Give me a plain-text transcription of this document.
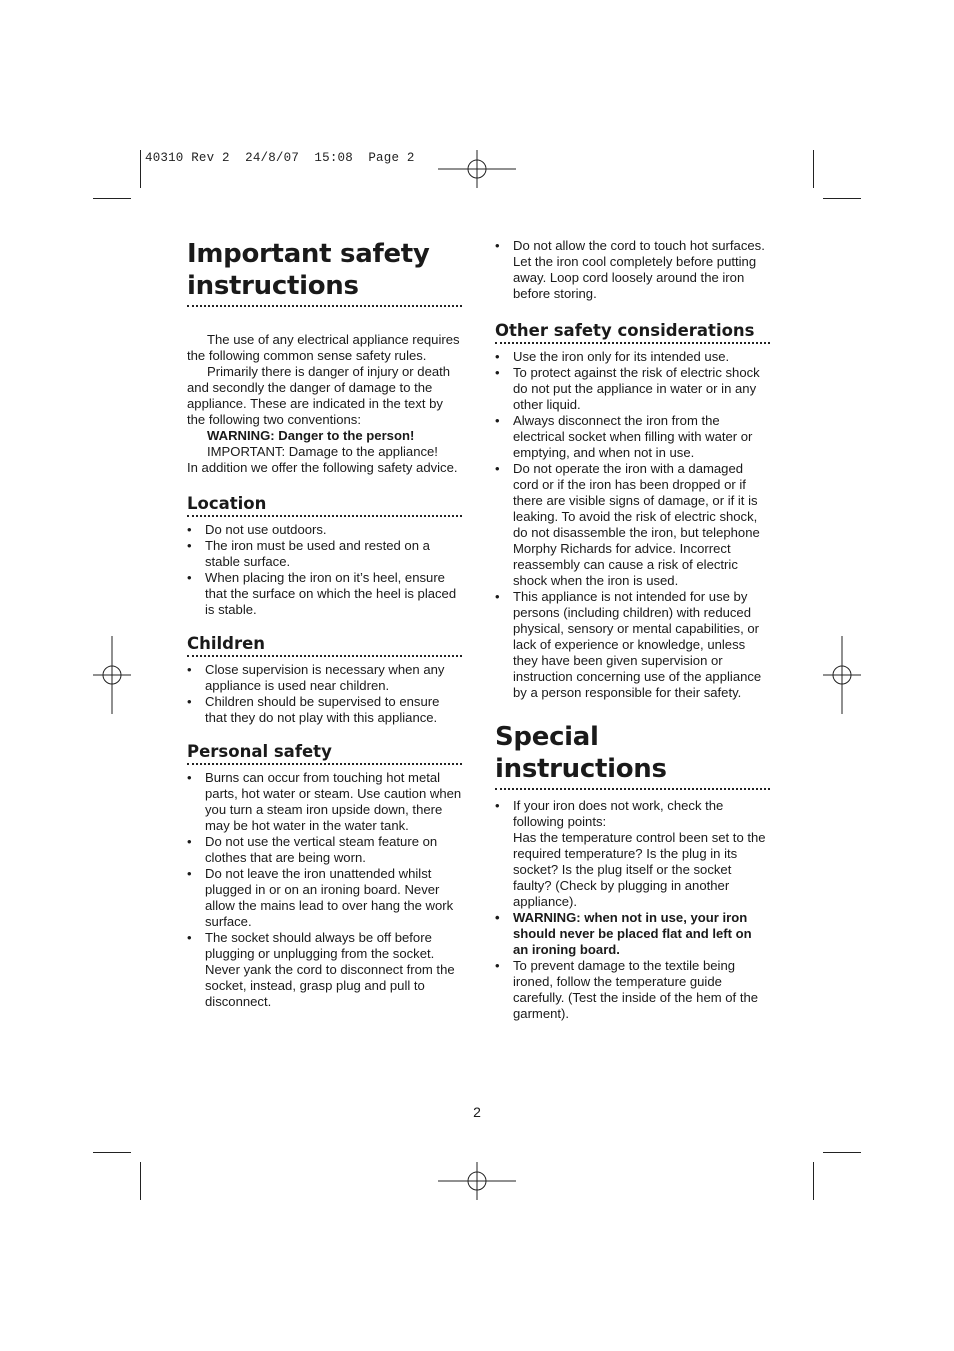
40310 Rev 2  24/8/07  15:08  Page 2
Important safety instructions

The use of any electrical appliance requires the following common sense safety rules.

Primarily there is danger of injury or death and secondly the danger of damage to the appliance. These are indicated in the text by the following two conventions:

WARNING: Danger to the person!

IMPORTANT: Damage to the appliance!

In addition we offer the following safety advice.

Location
• Do not use outdoors.
• The iron must be used and rested on a stable surface.
• When placing the iron on it’s heel, ensure that the surface on which the heel is placed is stable.
Children
• Close supervision is necessary when any appliance is used near children.
• Children should be supervised to ensure that they do not play with this appliance.
Personal safety
• Burns can occur from touching hot metal parts, hot water or steam. Use caution when you turn a steam iron upside down, there may be hot water in the water tank.
• Do not use the vertical steam feature on clothes that are being worn.
• Do not leave the iron unattended whilst plugged in or on an ironing board. Never allow the mains lead to over hang the work surface.
• The socket should always be off before plugging or unplugging from the socket. Never yank the cord to disconnect from the socket, instead, grasp plug and pull to disconnect.
• Do not allow the cord to touch hot surfaces. Let the iron cool completely before putting away. Loop cord loosely around the iron before storing.
Other safety considerations
• Use the iron only for its intended use.
• To protect against the risk of electric shock do not put the appliance in water or in any other liquid.
• Always disconnect the iron from the electrical socket when filling with water or emptying, and when not in use.
• Do not operate the iron with a damaged cord or if the iron has been dropped or if there are visible signs of damage, or if it is leaking. To avoid the risk of electric shock, do not disassemble the iron, but telephone Morphy Richards for advice. Incorrect reassembly can cause a risk of electric shock when the iron is used.
• This appliance is not intended for use by persons (including children) with reduced physical, sensory or mental capabilities, or lack of experience or knowledge, unless they have been given supervision or instruction concerning use of the appliance by a person responsible for their safety.
Special instructions
• If your iron does not work, check the following points:
Has the temperature control been set to the required temperature? Is the plug in its socket? Is the plug itself or the socket faulty? (Check by plugging in another appliance).
• WARNING: when not in use, your iron should never be placed flat and left on an ironing board.
• To prevent damage to the textile being ironed, follow the temperature guide carefully. (Test the inside of the hem of the garment).
2
